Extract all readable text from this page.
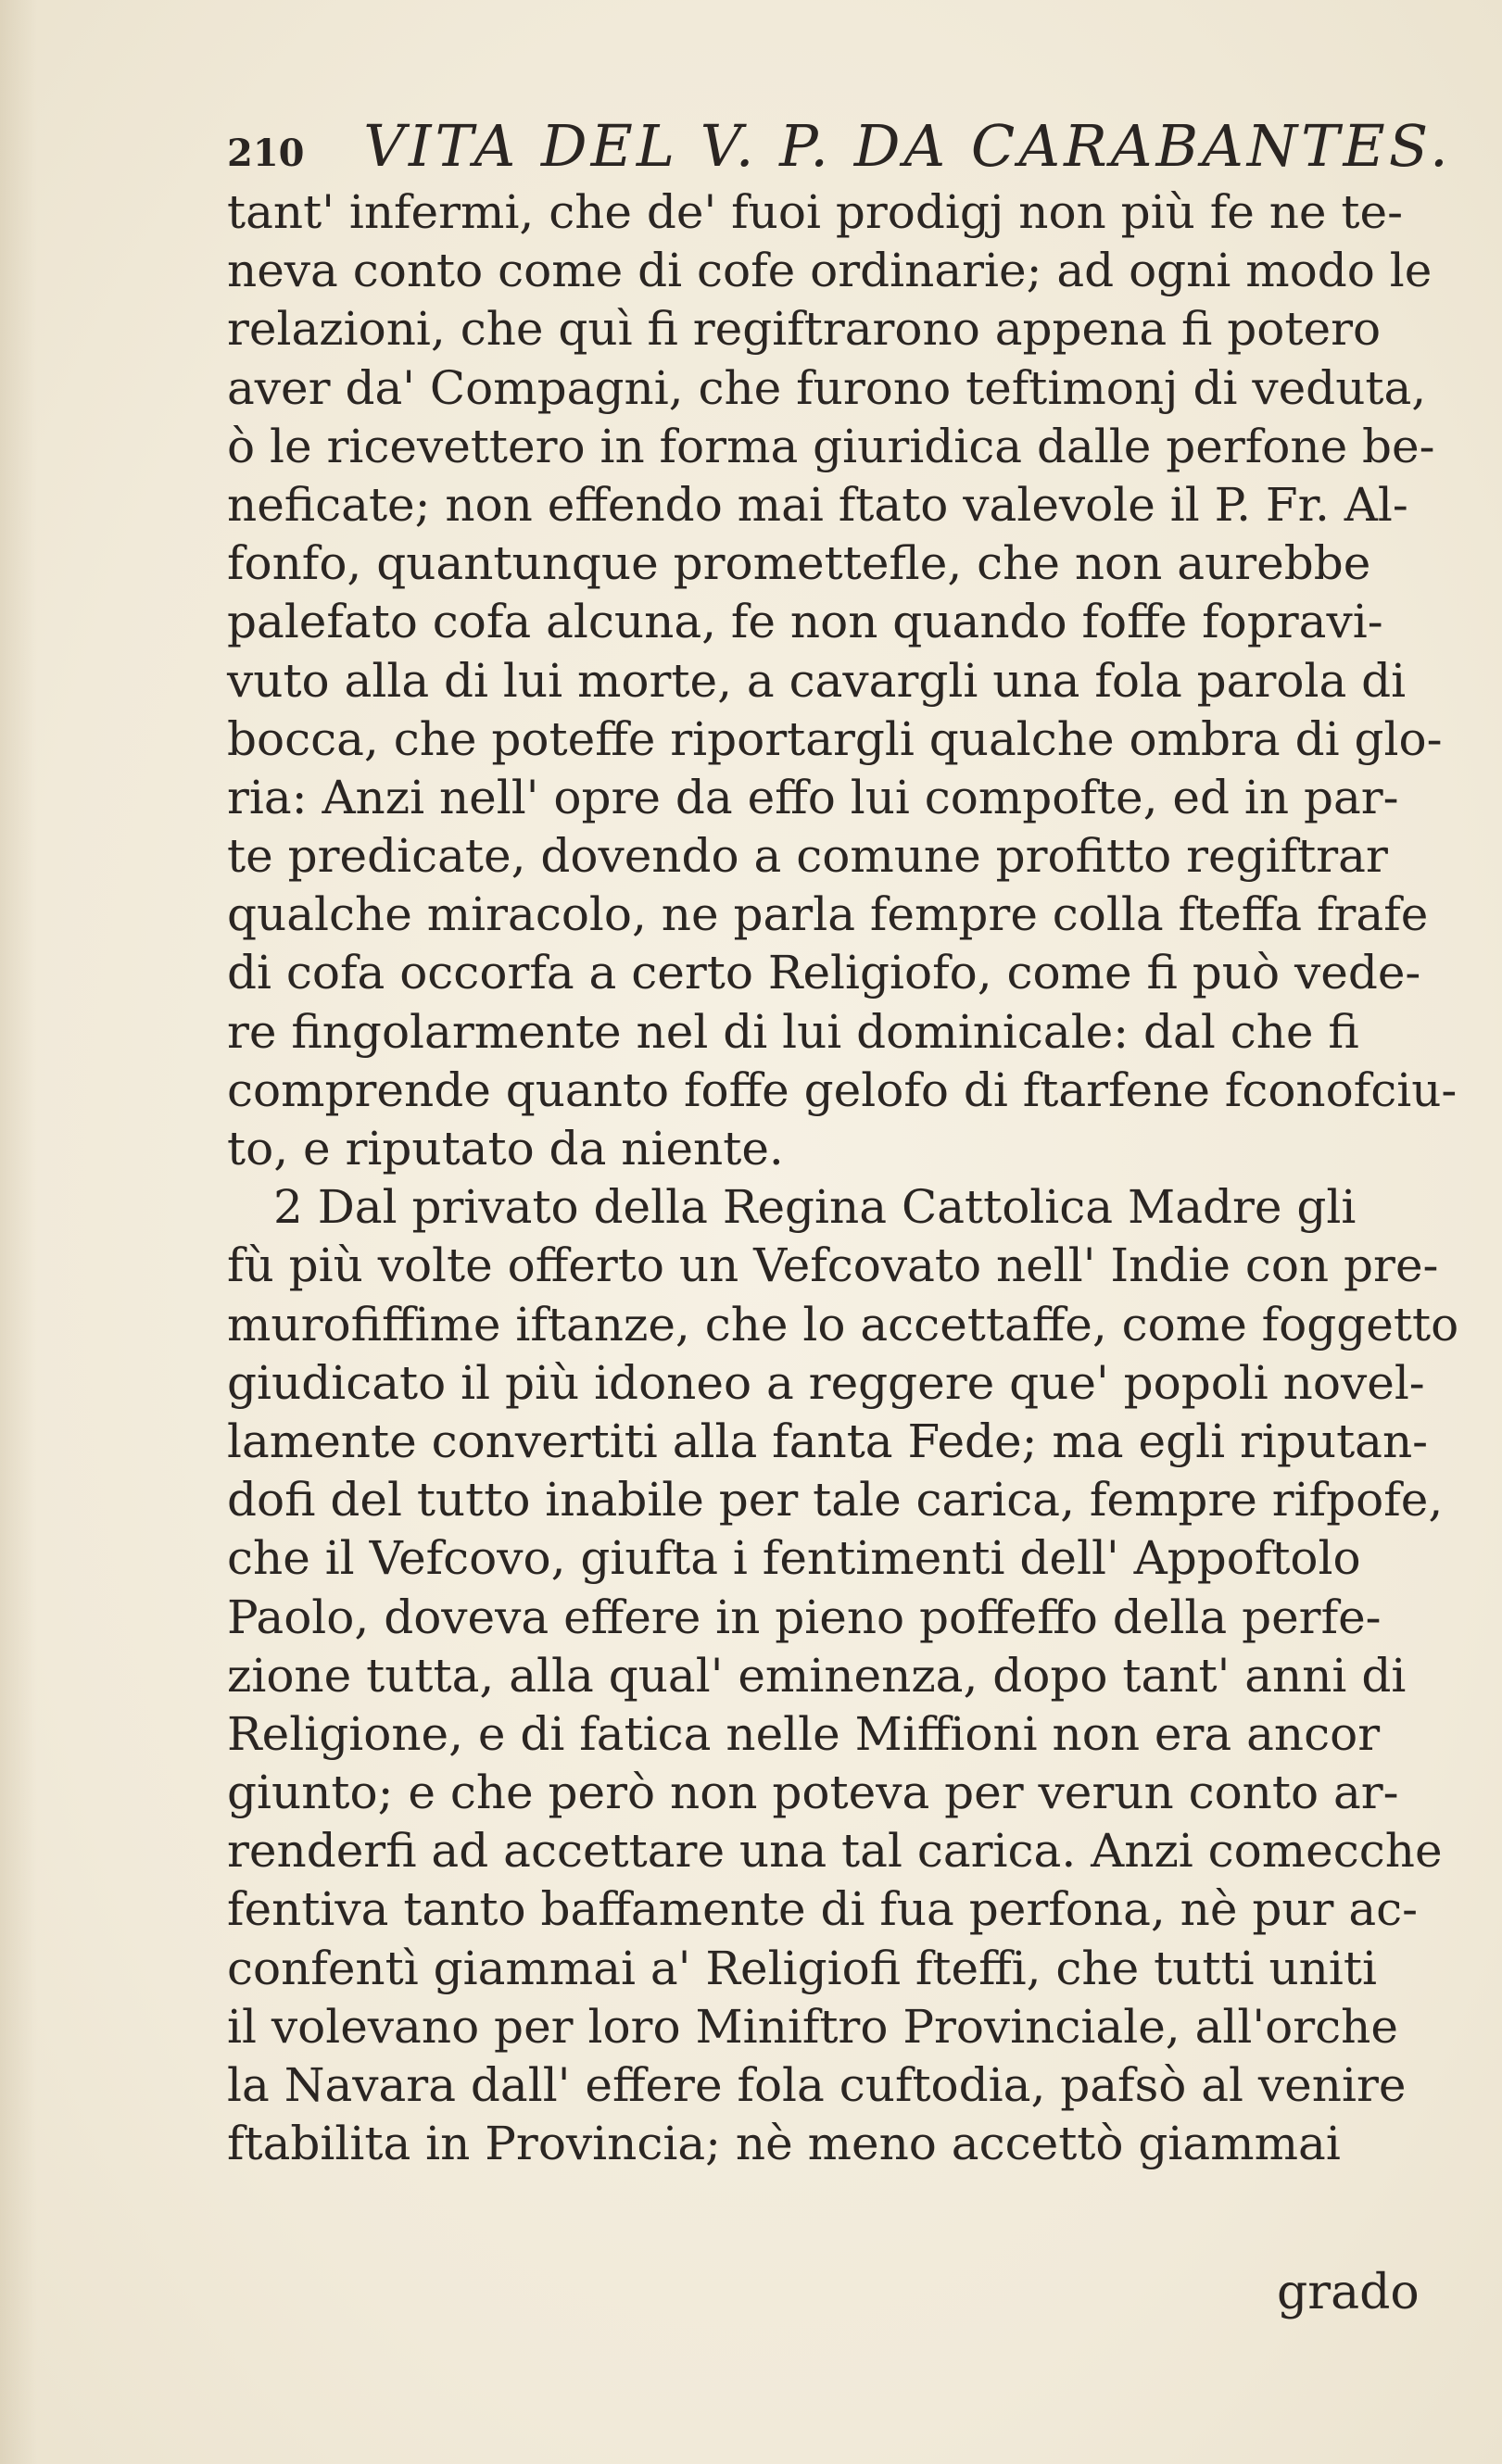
210 VITA DEL V. P. DA CARABANTES.
tant' infermi, che de' fuoi prodigj non più fe ne te-
neva conto come di cofe ordinarie; ad ogni modo le
relazioni, che quì fi regiftrarono appena fi potero
aver da' Compagni, che furono teftimonj di veduta,
ò le ricevettero in forma giuridica dalle perfone be-
neficate; non effendo mai ftato valevole il P. Fr. Al-
fonfo, quantunque promettefle, che non aurebbe
palefato cofa alcuna, fe non quando foffe fopravi-
vuto alla di lui morte, a cavargli una fola parola di
bocca, che poteffe riportargli qualche ombra di glo-
ria: Anzi nell' opre da effo lui compofte, ed in par-
te predicate, dovendo a comune profitto regiftrar
qualche miracolo, ne parla fempre colla fteffa frafe
di cofa occorfa a certo Religiofo, come fi può vede-
re fingolarmente nel di lui dominicale: dal che fi
comprende quanto foffe gelofo di ftarfene fconofciu-
to, e riputato da niente.
2 Dal privato della Regina Cattolica Madre gli
fù più volte offerto un Vefcovato nell' Indie con pre-
murofiffime iftanze, che lo accettaffe, come foggetto
giudicato il più idoneo a reggere que' popoli novel-
lamente convertiti alla fanta Fede; ma egli riputan-
dofi del tutto inabile per tale carica, fempre rifpofe,
che il Vefcovo, giufta i fentimenti dell' Appoftolo
Paolo, doveva effere in pieno poffeffo della perfe-
zione tutta, alla qual' eminenza, dopo tant' anni di
Religione, e di fatica nelle Miffioni non era ancor
giunto; e che però non poteva per verun conto ar-
renderfi ad accettare una tal carica. Anzi comecche
fentiva tanto baffamente di fua perfona, nè pur ac-
confentì giammai a' Religiofi fteffi, che tutti uniti
il volevano per loro Miniftro Provinciale, all'orche
la Navara dall' effere fola cuftodia, pafsò al venire
ftabilita in Provincia; nè meno accettò giammai
grado
